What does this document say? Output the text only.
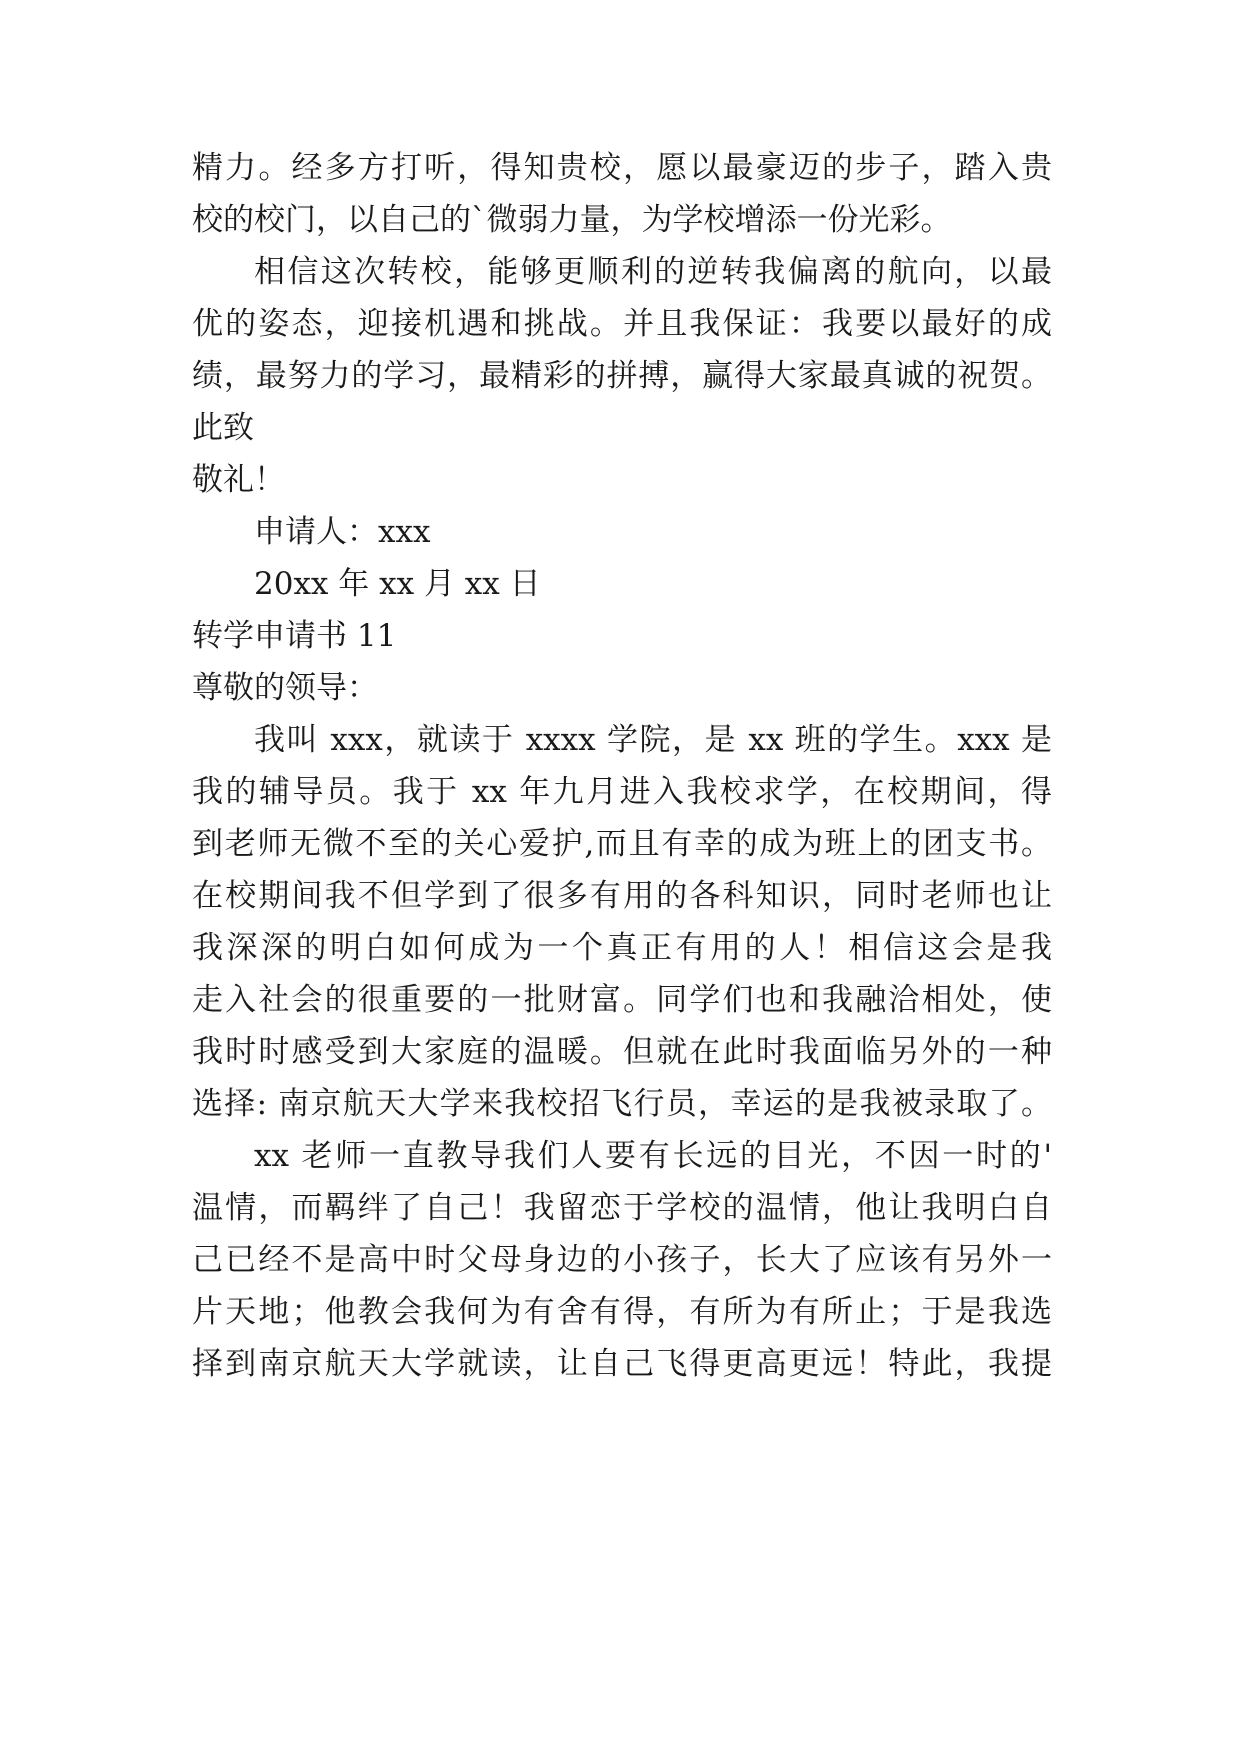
精力。经多方打听，得知贵校，愿以最豪迈的步子，踏入贵
校的校门，以自己的`微弱力量，为学校增添一份光彩。
相信这次转校，能够更顺利的逆转我偏离的航向，以最
优的姿态，迎接机遇和挑战。并且我保证：我要以最好的成
绩，最努力的学习，最精彩的拼搏，赢得大家最真诚的祝贺。
此致
敬礼！
申请人：xxx
20xx 年 xx 月 xx 日
转学申请书 11
尊敬的领导：
我叫 xxx，就读于 xxxx 学院，是 xx 班的学生。xxx 是
我的辅导员。我于 xx 年九月进入我校求学，在校期间，得
到老师无微不至的关心爱护,而且有幸的成为班上的团支书。
在校期间我不但学到了很多有用的各科知识，同时老师也让
我深深的明白如何成为一个真正有用的人！相信这会是我
走入社会的很重要的一批财富。同学们也和我融洽相处，使
我时时感受到大家庭的温暖。但就在此时我面临另外的一种
选择: 南京航天大学来我校招飞行员，幸运的是我被录取了。
xx 老师一直教导我们人要有长远的目光，不因一时的'
温情，而羁绊了自己！我留恋于学校的温情，他让我明白自
己已经不是高中时父母身边的小孩子，长大了应该有另外一
片天地；他教会我何为有舍有得，有所为有所止；于是我选
择到南京航天大学就读，让自己飞得更高更远！特此，我提
